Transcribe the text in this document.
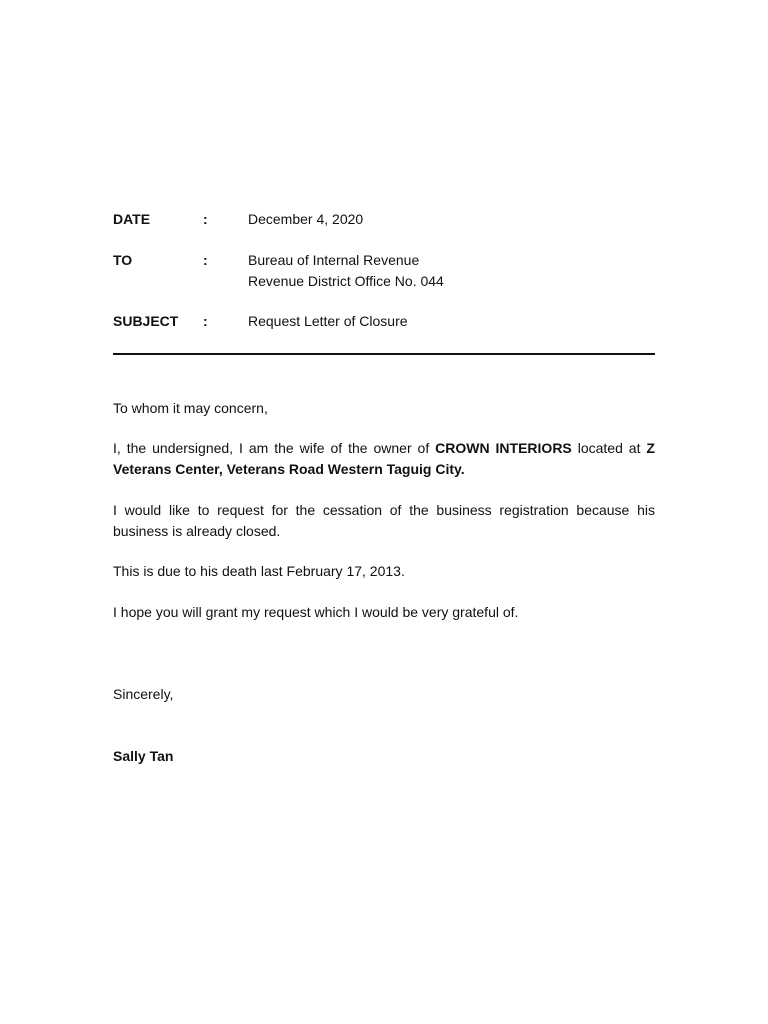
DATE	:	December 4, 2020
TO	:	Bureau of Internal Revenue
Revenue District Office No. 044
SUBJECT	:	Request Letter of Closure
To whom it may concern,
I, the undersigned, I am the wife of the owner of CROWN INTERIORS located at Z Veterans Center, Veterans Road Western Taguig City.
I would like to request for the cessation of the business registration because his business is already closed.
This is due to his death last February 17, 2013.
I hope you will grant my request which I would be very grateful of.
Sincerely,
Sally Tan
